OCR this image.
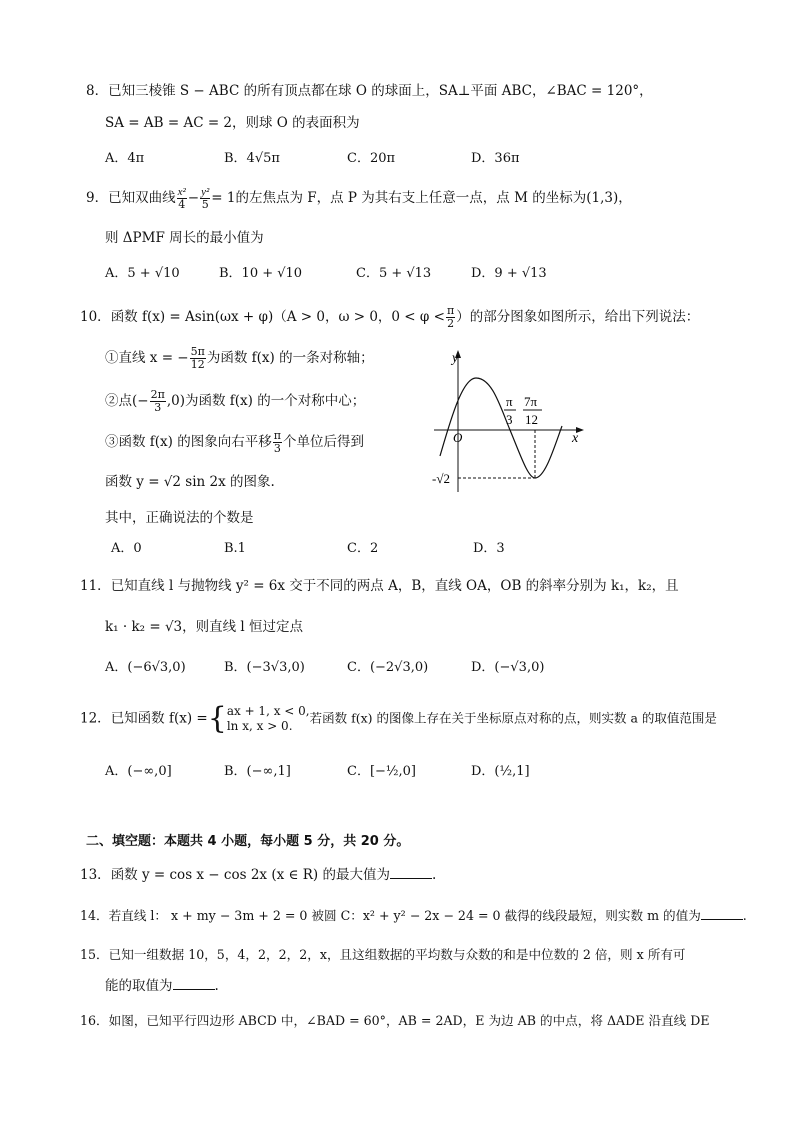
8．已知三棱锥 S − ABC 的所有顶点都在球 O 的球面上，SA⊥平面 ABC，∠BAC = 120°，
SA = AB = AC = 2，则球 O 的表面积为
A．4π	B．4√5π	C．20π	D．36π
9．已知双曲线 $\frac{\text{x²}}{4} - \frac{\text{y²}}{5} = 1$的左焦点为 F，点 P 为其右支上任意一点，点 M 的坐标为(1,3)，
则 ΔPMF 周长的最小值为
A．5 + √10	B．10 + √10	C．5 + √13	D．9 + √13
10．函数 f(x) = Asin(ωx + φ)（A > 0，ω > 0，$0 < \varphi < \frac{\pi}{2}$ ）的部分图象如图所示，给出下列说法：
①直线 x = − $\frac{5\pi}{12}$ 为函数 f(x) 的一条对称轴；
②点(− $\frac{2\pi}{3} ,0$)为函数 f(x) 的一个对称中心；
③函数 f(x) 的图象向右平移 $\frac{\pi}{3}$ 个单位后得到
函数 y = √2 sin 2x 的图象.
其中，正确说法的个数是
A．0	B.1	C．2	D．3
y
x
O
π
3
7π
12
-√2
11．已知直线 l 与抛物线 y² = 6x 交于不同的两点 A，B，直线 OA，OB 的斜率分别为 k₁，k₂，且
k₁ · k₂ = √3，则直线 l 恒过定点
A．(−6√3,0)	B．(−3√3,0)	C．(−2√3,0)	D．(−√3,0)
12．已知函数 f(x) ={ ax + 1, x < 0,
ln x, x > 0.
若函数 f(x) 的图像上存在关于坐标原点对称的点，则实数 a 的取值范围是
A．(−∞,0]	B．(−∞,1]	C．[−½,0]	D．(½,1]
二、填空题：本题共 4 小题，每小题 5 分，共 20 分。
13．函数 y = cos x − cos 2x (x ∈ R) 的最大值为	.
14．若直线 l： x + my − 3m + 2 = 0 被圆 C：x² + y² − 2x − 24 = 0 截得的线段最短，则实数 m 的值为	.
15．已知一组数据 10，5，4，2，2，2，x，且这组数据的平均数与众数的和是中位数的 2 倍，则 x 所有可
能的取值为	.
16．如图，已知平行四边形 ABCD 中，∠BAD = 60°，AB = 2AD，E 为边 AB 的中点，将 ΔADE 沿直线 DE
